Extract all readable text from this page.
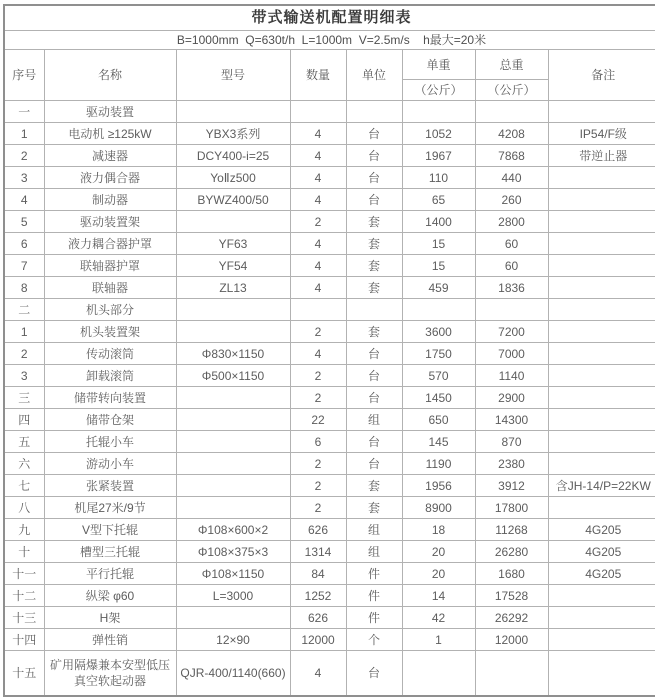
带式输送机配置明细表							
B=1000mm  Q=630t/h  L=1000m  V=2.5m/s    h最大=20米							
序号	名称	型号	数量	单位	单重	总重	备注
					（公斤）	（公斤）	
一	驱动装置						
1	电动机 ≥125kW	YBX3系列	4	台	1052	4208	IP54/F级
2	减速器	DCY400-i=25	4	台	1967	7868	带逆止器
3	液力偶合器	YoⅡz500	4	台	110	440	
4	制动器	BYWZ400/50	4	台	65	260	
5	驱动装置架		2	套	1400	2800	
6	液力耦合器护罩	YF63	4	套	15	60	
7	联轴器护罩	YF54	4	套	15	60	
8	联轴器	ZL13	4	套	459	1836	
二	机头部分						
1	机头装置架		2	套	3600	7200	
2	传动滚筒	Φ830×1150	4	台	1750	7000	
3	卸载滚筒	Φ500×1150	2	台	570	1140	
三	储带转向装置		2	台	1450	2900	
四	储带仓架		22	组	650	14300	
五	托辊小车		6	台	145	870	
六	游动小车		2	台	1190	2380	
七	张紧装置		2	套	1956	3912	含JH-14/P=22KW
八	机尾27米/9节		2	套	8900	17800	
九	V型下托辊	Φ108×600×2	626	组	18	11268	4G205
十	槽型三托辊	Φ108×375×3	1314	组	20	26280	4G205
十一	平行托辊	Φ108×1150	84	件	20	1680	4G205
十二	纵梁 φ60	L=3000	1252	件	14	17528	
十三	H架		626	件	42	26292	
十四	弹性销	12×90	12000	个	1	12000	
十五	矿用隔爆兼本安型低压真空软起动器	QJR-400/1140(660)	4	台			
